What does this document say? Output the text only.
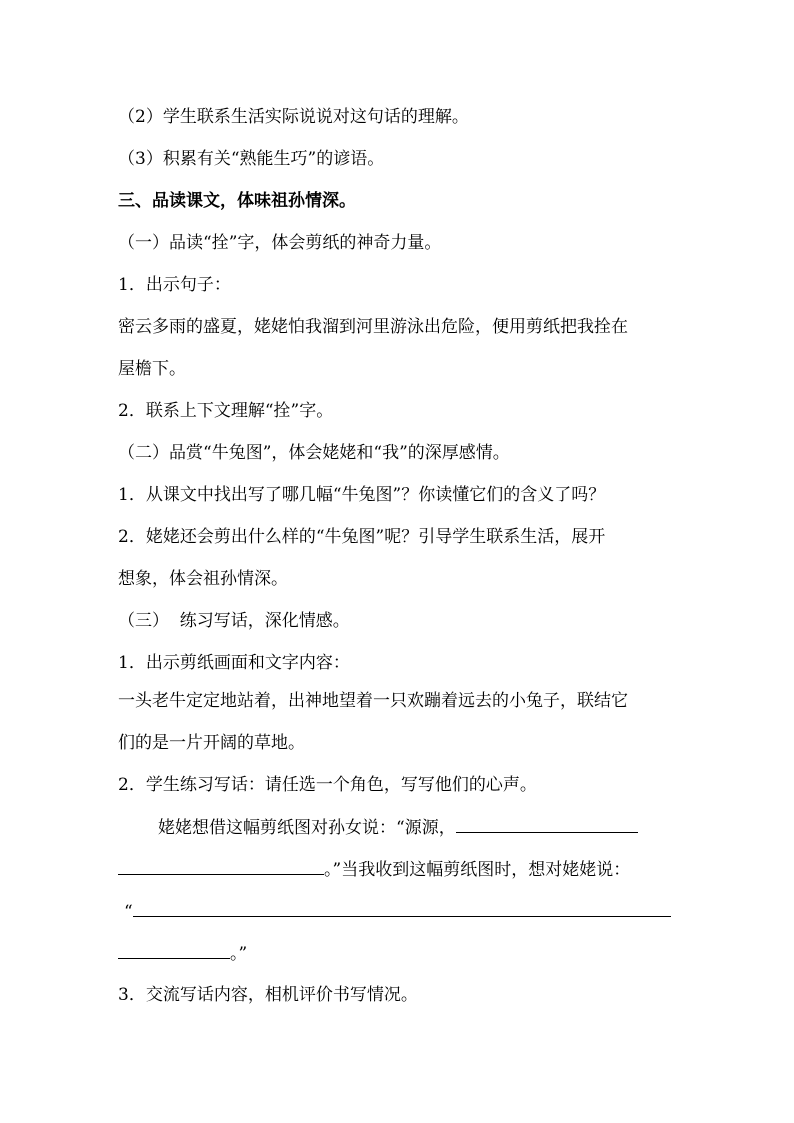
（2）学生联系生活实际说说对这句话的理解。
（3）积累有关“熟能生巧”的谚语。
三、品读课文，体味祖孙情深。
（一）品读“拴”字，体会剪纸的神奇力量。
1．出示句子：
密云多雨的盛夏，姥姥怕我溜到河里游泳出危险，便用剪纸把我拴在
屋檐下。
2．联系上下文理解“拴”字。
（二）品赏“牛兔图”，体会姥姥和“我”的深厚感情。
1．从课文中找出写了哪几幅“牛兔图”？你读懂它们的含义了吗？
2．姥姥还会剪出什么样的“牛兔图”呢？引导学生联系生活，展开
想象，体会祖孙情深。
（三）  练习写话，深化情感。
1．出示剪纸画面和文字内容：
一头老牛定定地站着，出神地望着一只欢蹦着远去的小兔子，联结它
们的是一片开阔的草地。
2．学生练习写话：请任选一个角色，写写他们的心声。
姥姥想借这幅剪纸图对孙女说：“源源，
。”当我收到这幅剪纸图时，想对姥姥说：
“
。”
3．交流写话内容，相机评价书写情况。
